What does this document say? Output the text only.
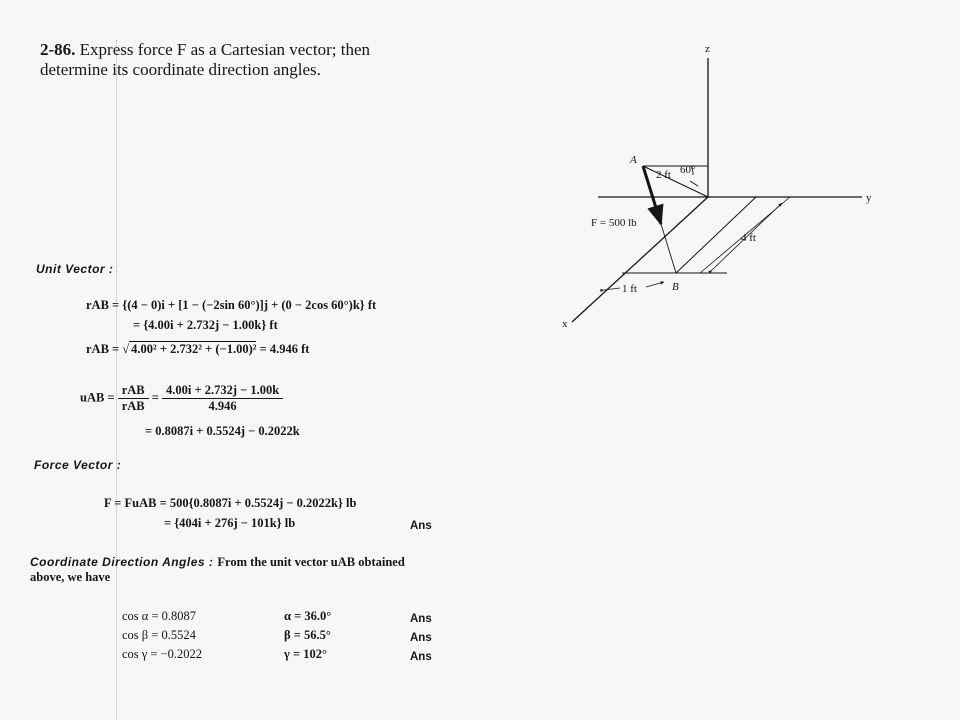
2-86. Express force F as a Cartesian vector; then
determine its coordinate direction angles.
z
y
x
A
2 ft 60°
F = 500 lb
4 ft
1 ft	B
Unit Vector :
rAB = {(4 − 0)i + [1 − (−2sin 60°)]j + (0 − 2cos 60°)k} ft
= {4.00i + 2.732j − 1.00k} ft
rAB = √ 4.00² + 2.732² + (−1.00)² = 4.946 ft
uAB = $\frac{\text{rAB}}{\text{rAB}} = \frac{4.00i + 2.732j - 1.00k}{4.946}$
= 0.8087i + 0.5524j − 0.2022k
Force Vector :
F = FuAB = 500{0.8087i + 0.5524j − 0.2022k} lb
= {404i + 276j − 101k} lb	Ans
Coordinate Direction Angles : From the unit vector uAB obtained
above, we have
cos α = 0.8087	α = 36.0°	Ans
cos β = 0.5524	β = 56.5°	Ans
cos γ = −0.2022	γ = 102°	Ans
